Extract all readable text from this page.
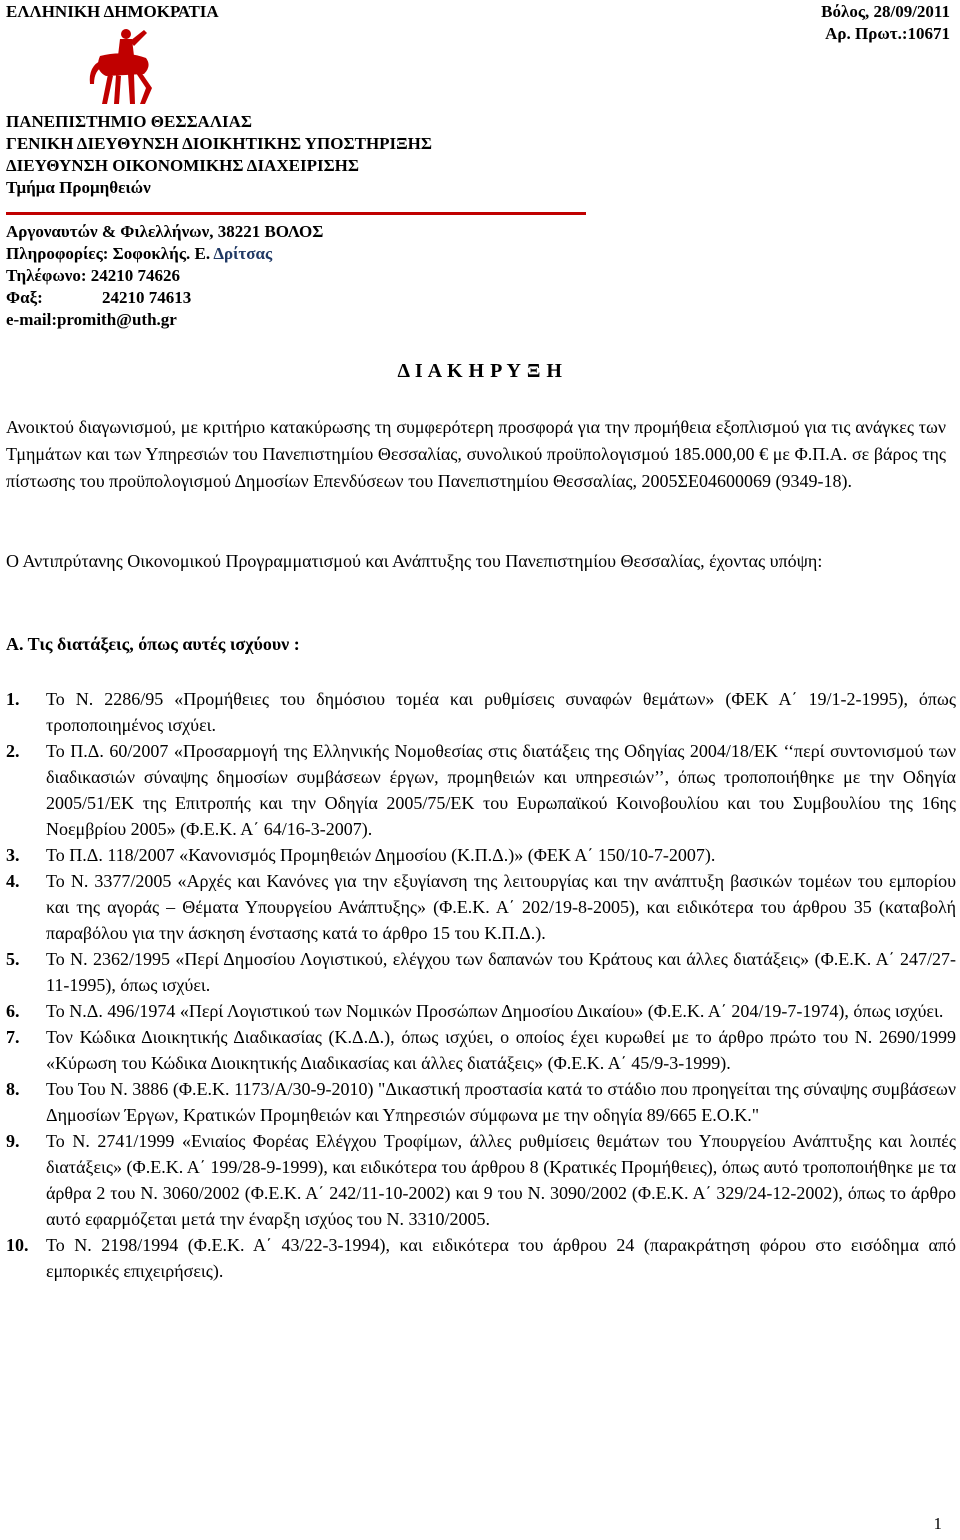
ΕΛΛΗΝΙΚΗ ΔΗΜΟΚΡΑΤΙΑ	Βόλος, 28/09/2011
Αρ. Πρωτ.:10671
ΠΑΝΕΠΙΣΤΗΜΙΟ ΘΕΣΣΑΛΙΑΣ
ΓΕΝΙΚΗ ΔΙΕΥΘΥΝΣΗ ΔΙΟΙΚΗΤΙΚΗΣ ΥΠΟΣΤΗΡΙΞΗΣ
ΔΙΕΥΘΥΝΣΗ ΟΙΚΟΝΟΜΙΚΗΣ ΔΙΑΧΕΙΡΙΣΗΣ
Τμήμα Προμηθειών
Αργοναυτών & Φιλελλήνων, 38221 ΒΟΛΟΣ
Πληροφορίες: Σοφοκλής. Ε. Δρίτσας
Τηλέφωνο: 24210 74626
Φαξ:	24210 74613
e-mail:promith@uth.gr
Δ Ι Α Κ Η Ρ Υ Ξ Η
Ανοικτού διαγωνισμού, με κριτήριο κατακύρωσης τη συμφερότερη προσφορά για την προμήθεια εξοπλισμού για τις ανάγκες των Τμημάτων και των Υπηρεσιών του Πανεπιστημίου Θεσσαλίας, συνολικού προϋπολογισμού 185.000,00 € με Φ.Π.Α. σε βάρος της πίστωσης του προϋπολογισμού Δημοσίων Επενδύσεων του Πανεπιστημίου Θεσσαλίας, 2005ΣΕ04600069 (9349-18).
Ο Αντιπρύτανης Οικονομικού Προγραμματισμού και Ανάπτυξης του Πανεπιστημίου Θεσσαλίας, έχοντας υπόψη:
Α. Τις διατάξεις, όπως αυτές ισχύουν :
1.	Το Ν. 2286/95 «Προμήθειες του δημόσιου τομέα και ρυθμίσεις συναφών θεμάτων» (ΦΕΚ Α΄ 19/1-2-1995), όπως τροποποιημένος ισχύει.
2.	Το Π.Δ. 60/2007 «Προσαρμογή της Ελληνικής Νομοθεσίας στις διατάξεις της Οδηγίας 2004/18/ΕΚ ‘‘περί συντονισμού των διαδικασιών σύναψης δημοσίων συμβάσεων έργων, προμηθειών και υπηρεσιών’’, όπως τροποποιήθηκε με την Οδηγία 2005/51/ΕΚ της Επιτροπής και την Οδηγία 2005/75/ΕΚ του Ευρωπαϊκού Κοινοβουλίου και του Συμβουλίου της 16ης Νοεμβρίου 2005» (Φ.Ε.Κ. Α΄ 64/16-3-2007).
3.	Το Π.Δ. 118/2007 «Κανονισμός Προμηθειών Δημοσίου (Κ.Π.Δ.)» (ΦΕΚ Α΄ 150/10-7-2007).
4.	Το Ν. 3377/2005 «Αρχές και Κανόνες για την εξυγίανση της λειτουργίας και την ανάπτυξη βασικών τομέων του εμπορίου και της αγοράς – Θέματα Υπουργείου Ανάπτυξης» (Φ.Ε.Κ. Α΄ 202/19-8-2005), και ειδικότερα του άρθρου 35 (καταβολή παραβόλου για την άσκηση ένστασης κατά το άρθρο 15 του Κ.Π.Δ.).
5.	Το Ν. 2362/1995 «Περί Δημοσίου Λογιστικού, ελέγχου των δαπανών του Κράτους και άλλες διατάξεις» (Φ.Ε.Κ. Α΄ 247/27-11-1995), όπως ισχύει.
6.	Το Ν.Δ. 496/1974 «Περί Λογιστικού των Νομικών Προσώπων Δημοσίου Δικαίου» (Φ.Ε.Κ. Α΄ 204/19-7-1974), όπως ισχύει.
7.	Τον Κώδικα Διοικητικής Διαδικασίας (Κ.Δ.Δ.), όπως ισχύει, ο οποίος έχει κυρωθεί με το άρθρο πρώτο του Ν. 2690/1999 «Κύρωση του Κώδικα Διοικητικής Διαδικασίας και άλλες διατάξεις» (Φ.Ε.Κ. Α΄ 45/9-3-1999).
8.	Του Του Ν. 3886 (Φ.Ε.Κ. 1173/Α/30-9-2010) "Δικαστική προστασία κατά το στάδιο που προηγείται της σύναψης συμβάσεων Δημοσίων Έργων, Κρατικών Προμηθειών και Υπηρεσιών σύμφωνα με την οδηγία 89/665 Ε.Ο.Κ."
9.	Το Ν. 2741/1999 «Ενιαίος Φορέας Ελέγχου Τροφίμων, άλλες ρυθμίσεις θεμάτων του Υπουργείου Ανάπτυξης και λοιπές διατάξεις» (Φ.Ε.Κ. Α΄ 199/28-9-1999), και ειδικότερα του άρθρου 8 (Κρατικές Προμήθειες), όπως αυτό τροποποιήθηκε με τα άρθρα 2 του Ν. 3060/2002 (Φ.Ε.Κ. Α΄ 242/11-10-2002) και 9 του Ν. 3090/2002 (Φ.Ε.Κ. Α΄ 329/24-12-2002), όπως το άρθρο αυτό εφαρμόζεται μετά την έναρξη ισχύος του Ν. 3310/2005.
10. Το Ν. 2198/1994 (Φ.Ε.Κ. Α΄ 43/22-3-1994), και ειδικότερα του άρθρου 24 (παρακράτηση φόρου στο εισόδημα από εμπορικές επιχειρήσεις).
1
